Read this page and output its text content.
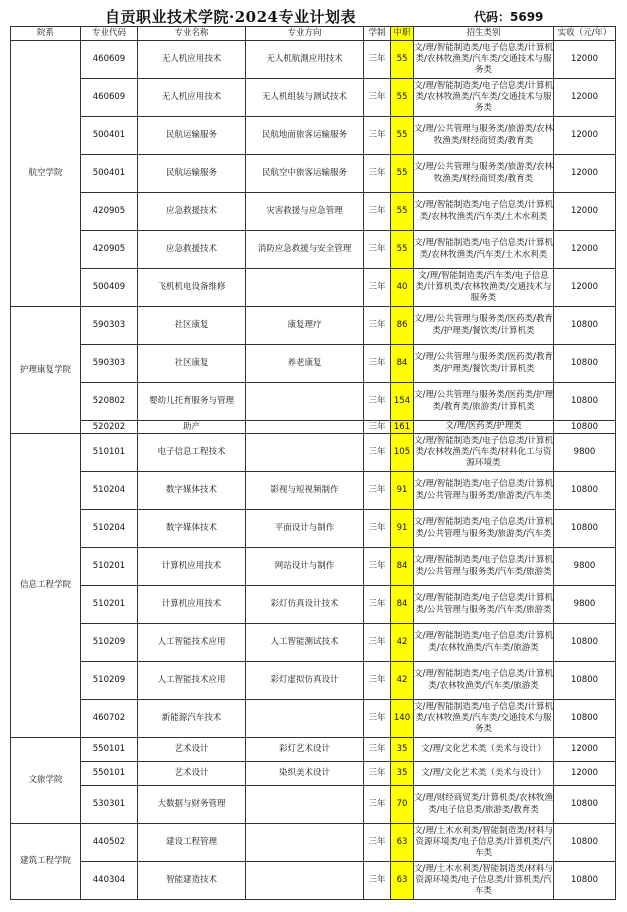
自贡职业技术学院·2024专业计划表	代码：5699
院系	专业代码	专业名称	专业方向	学制	中职	招生类别	实收（元/年）
航空学院	460609	无人机应用技术	无人机航測应用技术	三年	55	文/理/智能制造类/电子信息类/计算机类/农林牧渔类/汽车类/交通技术与服务类	12000
	460609	无人机应用技术	无人机组装与测试技术	三年	55	文/理/智能制造类/电子信息类/计算机类/农林牧渔类/汽车类/交通技术与服务类	12000
	500401	民航运输服务	民航地面旅客运输服务	三年	55	文/理/公共管理与服务类/旅游类/农林牧渔类/财经商贸类/教育类	12000
	500401	民航运输服务	民航空中旅客运输服务	三年	55	文/理/公共管理与服务类/旅游类/农林牧渔类/财经商贸类/教育类	12000
	420905	应急救援技术	灾害救援与应急管理	三年	55	文/理/智能制造类/电子信息类/计算机类/农林牧渔类/汽车类/土木水利类	12000
	420905	应急救援技术	消防应急救援与安全管理	三年	55	文/理/智能制造类/电子信息类/计算机类/农林牧渔类/汽车类/土木水利类	12000
	500409	飞机机电设备维修		三年	40	文/理/智能制造类/汽车类/电子信息类/计算机类/农林牧渔类/交通技术与服务类	12000
护理康复学院	590303	社区康复	康复理疗	三年	86	文/理/公共管理与服务类/医药类/教育类/护理类/餐饮类/计算机类	10800
	590303	社区康复	养老康复	三年	84	文/理/公共管理与服务类/医药类/教育类/护理类/餐饮类/计算机类	10800
	520802	婴幼儿托育服务与管理		三年	154	文/理/公共管理与服务类/医药类/护理类/教育类/旅游类/计算机类	10800
	520202	助产		三年	161	文/理/医药类/护理类	10800
信息工程学院	510101	电子信息工程技术		三年	105	文/理/智能制造类/电子信息类/计算机类/农林牧渔类/汽车类/材料化工与资源环境类	9800
	510204	数字媒体技术	影视与短视频制作	三年	91	文/理/智能制造类/电子信息类/计算机类/公共管理与服务类/旅游类/汽车类	10800
	510204	数字媒体技术	平面设计与制作	三年	91	文/理/智能制造类/电子信息类/计算机类/公共管理与服务类/旅游类/汽车类	10800
	510201	计算机应用技术	网站设计与制作	三年	84	文/理/智能制造类/电子信息类/计算机类/公共管理与服务类/汽车类/旅游类	9800
	510201	计算机应用技术	彩灯仿真设计技术	三年	84	文/理/智能制造类/电子信息类/计算机类/公共管理与服务类/汽车类/旅游类	9800
	510209	人工智能技术应用	人工智能测试技术	三年	42	文/理/智能制造类/电子信息类/计算机类/农林牧渔类/汽车类/旅游类	10800
	510209	人工智能技术应用	彩灯虚拟仿真设计	三年	42	文/理/智能制造类/电子信息类/计算机类/农林牧渔类/汽车类/旅游类	10800
	460702	新能源汽车技术		三年	140	文/理/智能制造类/电子信息类/计算机类/农林牧渔类/汽车类/交通技术与服务类	10800
文旅学院	550101	艺术设计	彩灯艺术设计	三年	35	文/理/文化艺术类（美术与设计）	12000
	550101	艺术设计	染织美术设计	三年	35	文/理/文化艺术类（美术与设计）	12000
	530301	大数据与财务管理		三年	70	文/理/财经商贸类/计算机类/农林牧渔类/电子信息类/旅游类/教育类	10800
建筑工程学院	440502	建设工程管理		三年	63	文/理/土木水利类/智能制造类/材料与资源环境类/电子信息类/计算机类/汽车类	10800
	440304	智能建造技术		三年	63	文/理/土木水利类/智能制造类/材料与资源环境类/电子信息类/计算机类/汽车类	10800
